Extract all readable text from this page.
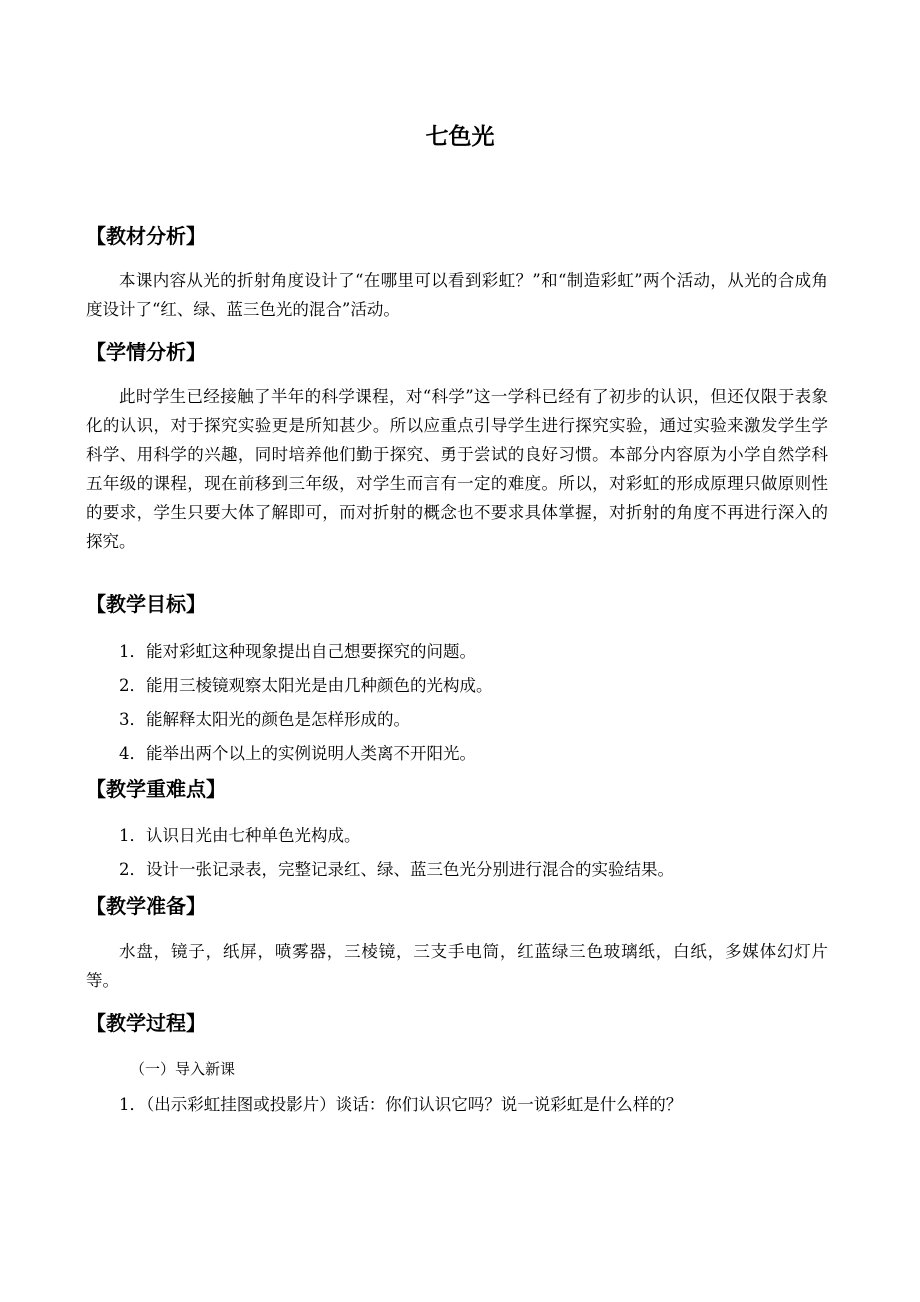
七色光
【教材分析】

本课内容从光的折射角度设计了“在哪里可以看到彩虹？”和“制造彩虹”两个活动，从光的合成角度设计了“红、绿、蓝三色光的混合”活动。

【学情分析】

此时学生已经接触了半年的科学课程，对“科学”这一学科已经有了初步的认识，但还仅限于表象化的认识，对于探究实验更是所知甚少。所以应重点引导学生进行探究实验，通过实验来激发学生学科学、用科学的兴趣，同时培养他们勤于探究、勇于尝试的良好习惯。本部分内容原为小学自然学科五年级的课程，现在前移到三年级，对学生而言有一定的难度。所以，对彩虹的形成原理只做原则性的要求，学生只要大体了解即可，而对折射的概念也不要求具体掌握，对折射的角度不再进行深入的探究。

【教学目标】

1．能对彩虹这种现象提出自己想要探究的问题。

2．能用三棱镜观察太阳光是由几种颜色的光构成。

3．能解释太阳光的颜色是怎样形成的。

4．能举出两个以上的实例说明人类离不开阳光。

【教学重难点】

1．认识日光由七种单色光构成。

2．设计一张记录表，完整记录红、绿、蓝三色光分别进行混合的实验结果。

【教学准备】

水盘，镜子，纸屏，喷雾器，三棱镜，三支手电筒，红蓝绿三色玻璃纸，白纸，多媒体幻灯片等。

【教学过程】

（一）导入新课

1．（出示彩虹挂图或投影片）谈话：你们认识它吗？说一说彩虹是什么样的？
